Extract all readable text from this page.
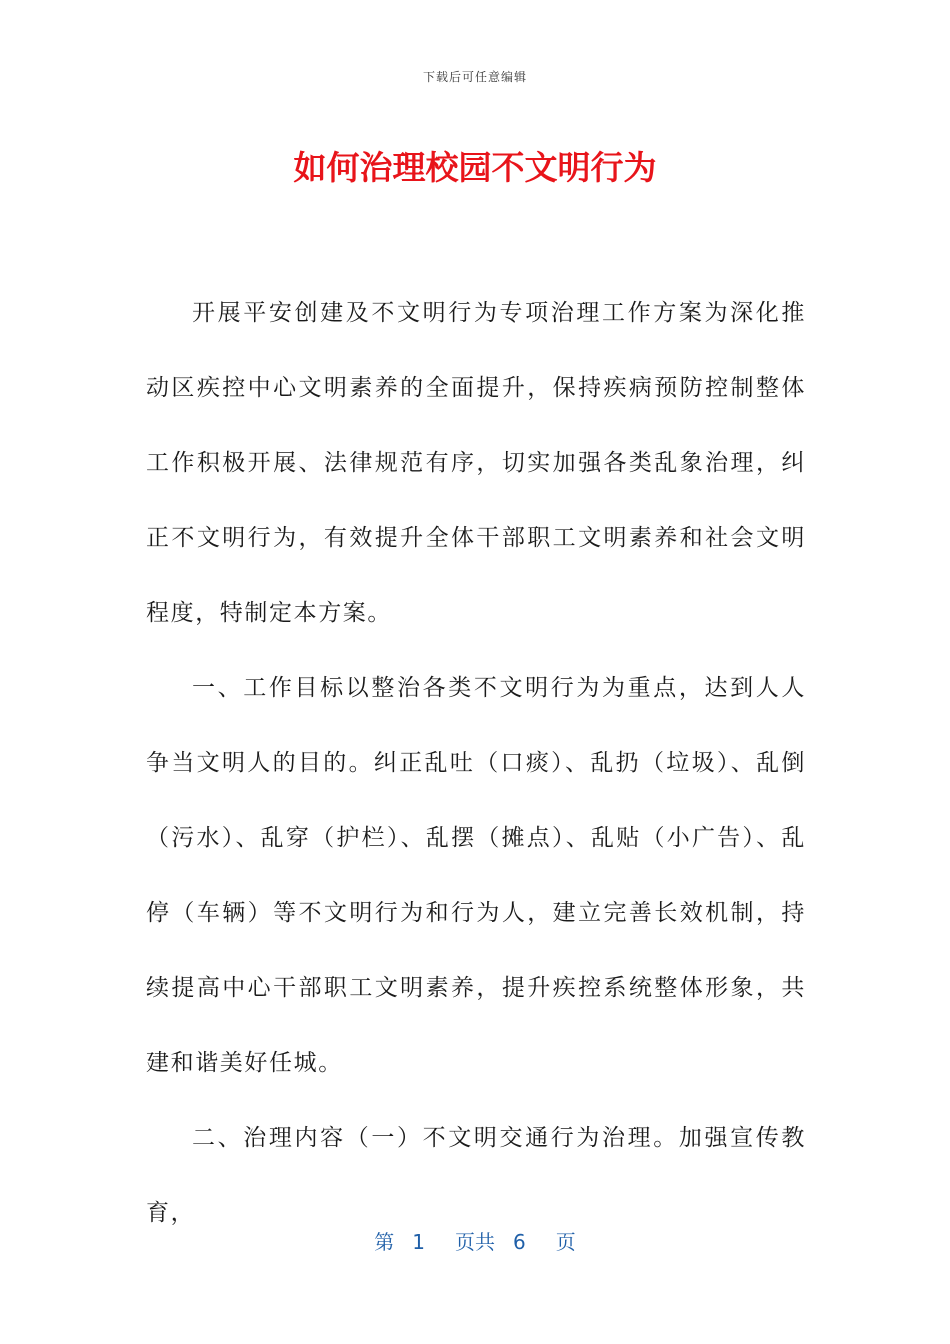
下载后可任意编辑
如何治理校园不文明行为

开展平安创建及不文明行为专项治理工作方案为深化推动区疾控中心文明素养的全面提升，保持疾病预防控制整体工作积极开展、法律规范有序，切实加强各类乱象治理，纠正不文明行为，有效提升全体干部职工文明素养和社会文明程度，特制定本方案。

一、工作目标以整治各类不文明行为为重点，达到人人争当文明人的目的。纠正乱吐（口痰）、乱扔（垃圾）、乱倒（污水）、乱穿（护栏）、乱摆（摊点）、乱贴（小广告）、乱停（车辆）等不文明行为和行为人，建立完善长效机制，持续提高中心干部职工文明素养，提升疾控系统整体形象，共建和谐美好任城。

二、治理内容（一）不文明交通行为治理。加强宣传教育，

第 1 页共 6 页
